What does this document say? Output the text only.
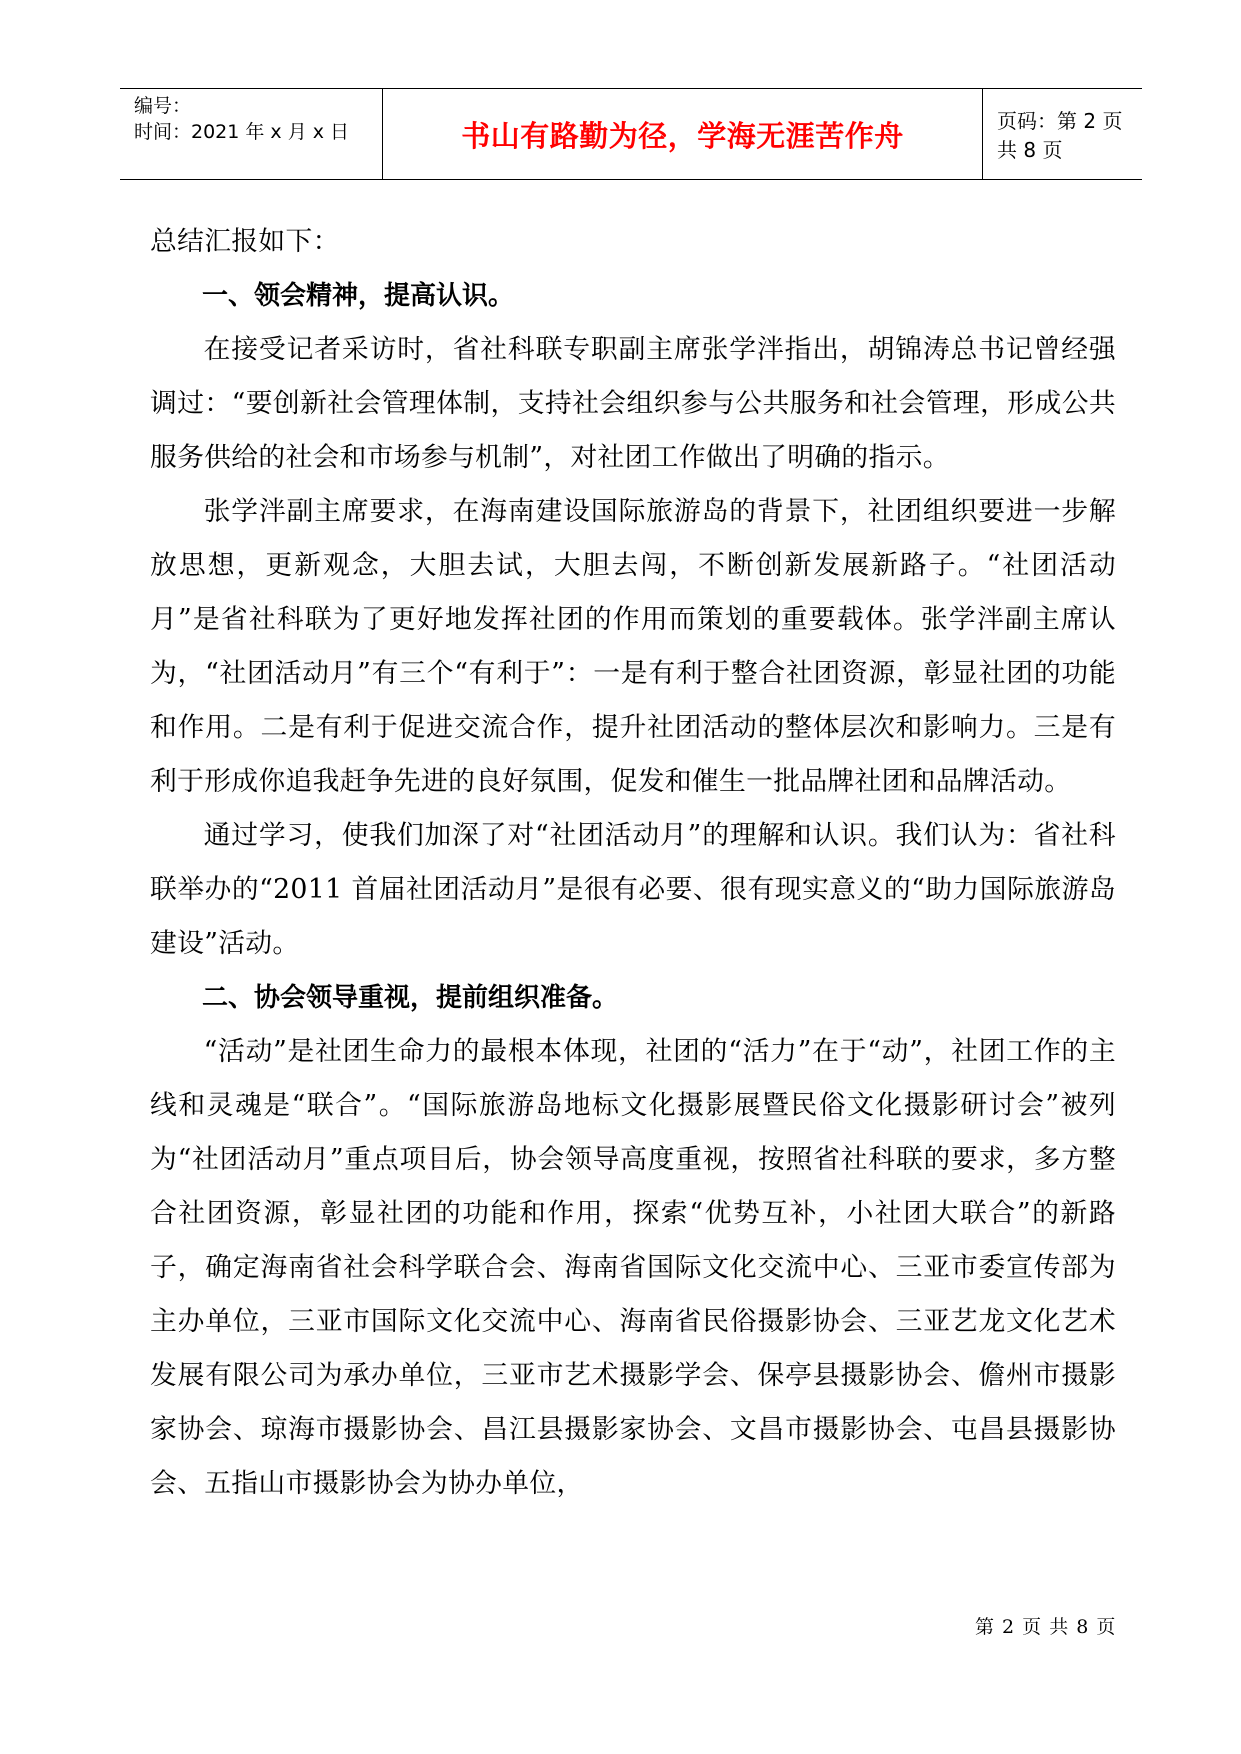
编号：
时间：2021 年 x 月 x 日	书山有路勤为径，学海无涯苦作舟	页码：第 2 页 共 8 页

总结汇报如下：

一、领会精神，提高认识。

在接受记者采访时，省社科联专职副主席张学泮指出，胡锦涛总书记曾经强调过：“要创新社会管理体制，支持社会组织参与公共服务和社会管理，形成公共服务供给的社会和市场参与机制”，对社团工作做出了明确的指示。

张学泮副主席要求，在海南建设国际旅游岛的背景下，社团组织要进一步解放思想，更新观念，大胆去试，大胆去闯，不断创新发展新路子。“社团活动月”是省社科联为了更好地发挥社团的作用而策划的重要载体。张学泮副主席认为，“社团活动月”有三个“有利于”：一是有利于整合社团资源，彰显社团的功能和作用。二是有利于促进交流合作，提升社团活动的整体层次和影响力。三是有利于形成你追我赶争先进的良好氛围，促发和催生一批品牌社团和品牌活动。

通过学习，使我们加深了对“社团活动月”的理解和认识。我们认为：省社科联举办的“2011 首届社团活动月”是很有必要、很有现实意义的“助力国际旅游岛建设”活动。

二、协会领导重视，提前组织准备。

“活动”是社团生命力的最根本体现，社团的“活力”在于“动”，社团工作的主线和灵魂是“联合”。“国际旅游岛地标文化摄影展暨民俗文化摄影研讨会”被列为“社团活动月”重点项目后，协会领导高度重视，按照省社科联的要求，多方整合社团资源，彰显社团的功能和作用，探索“优势互补，小社团大联合”的新路子，确定海南省社会科学联合会、海南省国际文化交流中心、三亚市委宣传部为主办单位，三亚市国际文化交流中心、海南省民俗摄影协会、三亚艺龙文化艺术发展有限公司为承办单位，三亚市艺术摄影学会、保亭县摄影协会、儋州市摄影家协会、琼海市摄影协会、昌江县摄影家协会、文昌市摄影协会、屯昌县摄影协会、五指山市摄影协会为协办单位，

第 2 页 共 8 页
